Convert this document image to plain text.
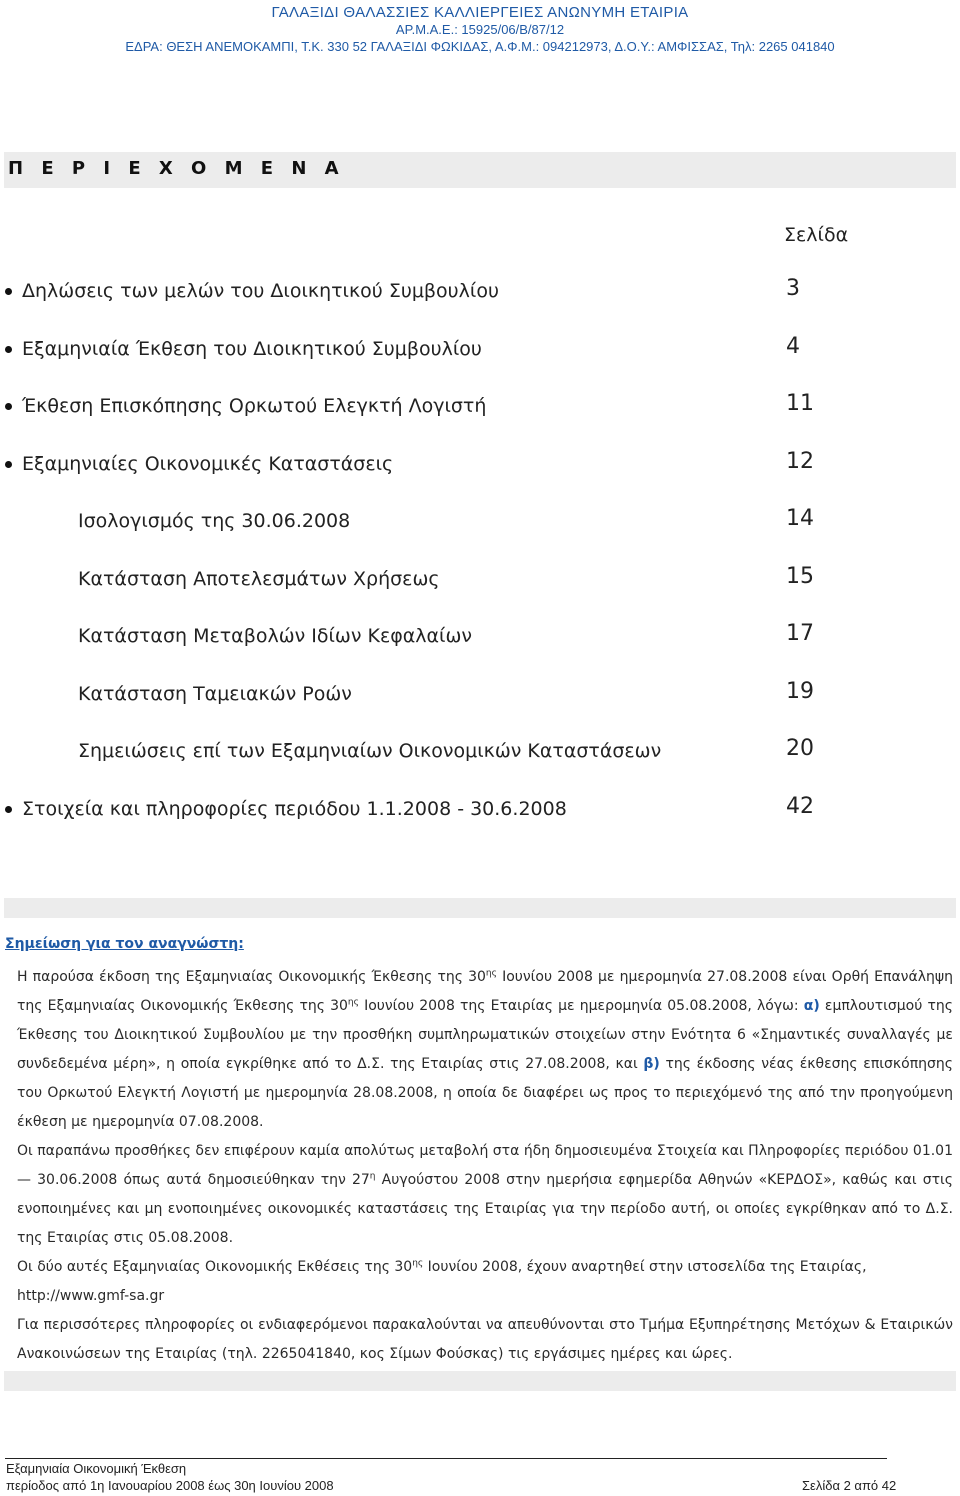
ΓΑΛΑΞΙΔΙ ΘΑΛΑΣΣΙΕΣ ΚΑΛΛΙΕΡΓΕΙΕΣ ΑΝΩΝΥΜΗ ΕΤΑΙΡΙΑ
ΑΡ.Μ.Α.Ε.: 15925/06/Β/87/12
ΕΔΡΑ: ΘΕΣΗ ΑΝΕΜΟΚΑΜΠΙ, Τ.Κ. 330 52 ΓΑΛΑΞΙΔΙ ΦΩΚΙΔΑΣ, Α.Φ.Μ.: 094212973, Δ.Ο.Υ.: ΑΜΦΙΣΣΑΣ, Τηλ: 2265 041840
Π Ε Ρ Ι Ε Χ Ο Μ Ε Ν Α
Σελίδα
Δηλώσεις των μελών του Διοικητικού Συμβουλίου	3
Εξαμηνιαία Έκθεση του Διοικητικού Συμβουλίου	4
Έκθεση Επισκόπησης Ορκωτού Ελεγκτή Λογιστή	11
Εξαμηνιαίες Οικονομικές Καταστάσεις	12
Ισολογισμός της 30.06.2008	14
Κατάσταση Αποτελεσμάτων Χρήσεως	15
Κατάσταση Μεταβολών Ιδίων Κεφαλαίων	17
Κατάσταση Ταμειακών Ροών	19
Σημειώσεις επί των Εξαμηνιαίων Οικονομικών Καταστάσεων	20
Στοιχεία και πληροφορίες περιόδου 1.1.2008 - 30.6.2008	42
Σημείωση για τον αναγνώστη:

Η παρούσα έκδοση της Εξαμηνιαίας Οικονομικής Έκθεσης της $30^{\eta\varsigma}$ Ιουνίου 2008 με ημερομηνία 27.08.2008 είναι Ορθή Επανάληψη της Εξαμηνιαίας Οικονομικής Έκθεσης της $30^{\eta\varsigma}$ Ιουνίου 2008 της Εταιρίας με ημερομηνία 05.08.2008, λόγω: α) εμπλουτισμού της Έκθεσης του Διοικητικού Συμβουλίου με την προσθήκη συμπληρωματικών στοιχείων στην Ενότητα 6 «Σημαντικές συναλλαγές με συνδεδεμένα μέρη», η οποία εγκρίθηκε από το Δ.Σ. της Εταιρίας στις 27.08.2008, και β) της έκδοσης νέας έκθεσης επισκόπησης του Ορκωτού Ελεγκτή Λογιστή με ημερομηνία 28.08.2008, η οποία δε διαφέρει ως προς το περιεχόμενό της από την προηγούμενη έκθεση με ημερομηνία 07.08.2008.

Οι παραπάνω προσθήκες δεν επιφέρουν καμία απολύτως μεταβολή στα ήδη δημοσιευμένα Στοιχεία και Πληροφορίες περιόδου 01.01 — 30.06.2008 όπως αυτά δημοσιεύθηκαν την $27^\eta$ Αυγούστου 2008 στην ημερήσια εφημερίδα Αθηνών «ΚΕΡΔΟΣ», καθώς και στις ενοποιημένες και μη ενοποιημένες οικονομικές καταστάσεις της Εταιρίας για την περίοδο αυτή, οι οποίες εγκρίθηκαν από το Δ.Σ. της Εταιρίας στις 05.08.2008.

Οι δύο αυτές Εξαμηνιαίας Οικονομικής Εκθέσεις της $30^{\eta\varsigma}$ Ιουνίου 2008, έχουν αναρτηθεί στην ιστοσελίδα της Εταιρίας,
http://www.gmf-sa.gr

Για περισσότερες πληροφορίες οι ενδιαφερόμενοι παρακαλούνται να απευθύνονται στο Τμήμα Εξυπηρέτησης Μετόχων & Εταιρικών Ανακοινώσεων της Εταιρίας (τηλ. 2265041840, κος Σίμων Φούσκας) τις εργάσιμες ημέρες και ώρες.

Εξαμηνιαία Οικονομική Έκθεση
περίοδος από 1η Ιανουαρίου 2008 έως 30η Ιουνίου 2008	Σελίδα 2 από 42
